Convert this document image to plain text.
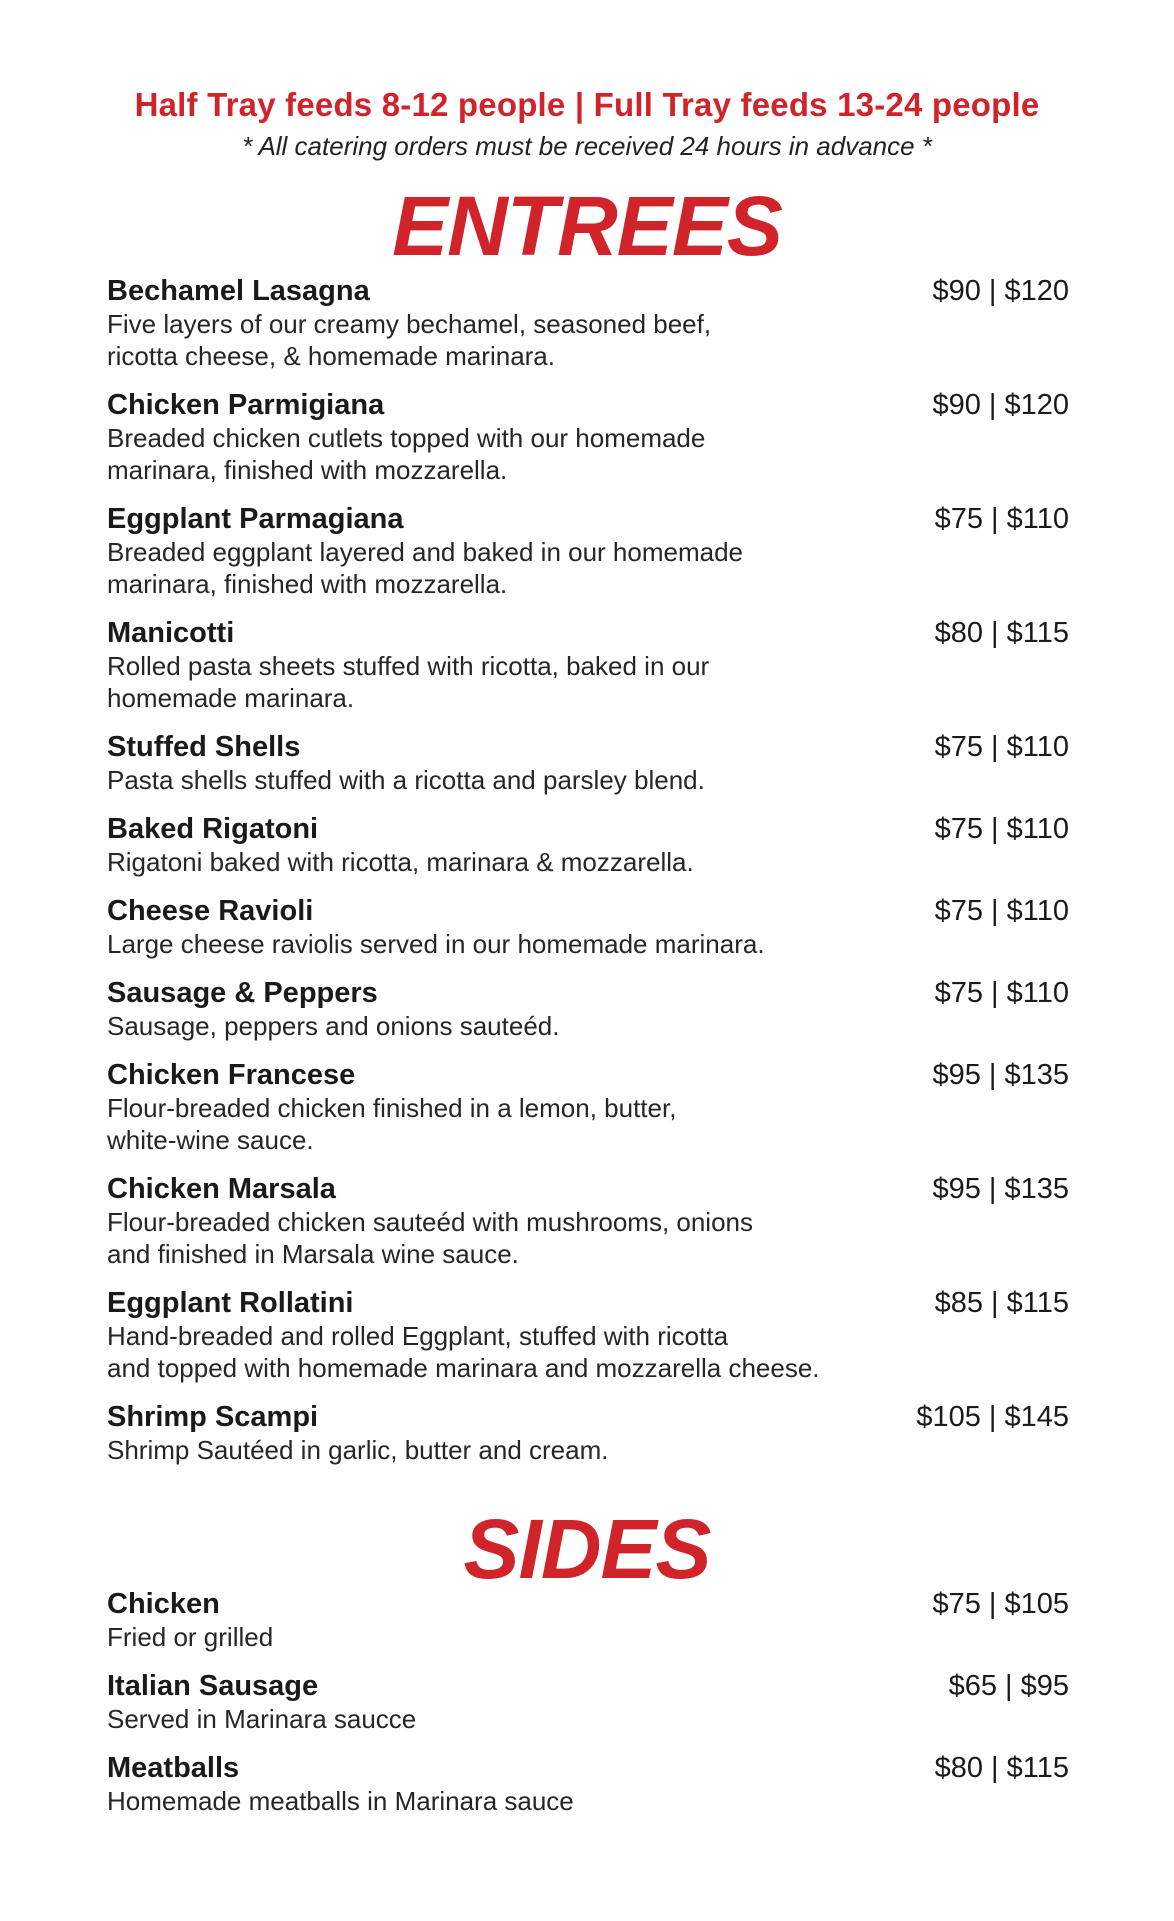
Half Tray feeds 8-12 people | Full Tray feeds 13-24 people
* All catering orders must be received 24 hours in advance *
ENTREES
Bechamel Lasagna
Five layers of our creamy bechamel, seasoned beef,
ricotta cheese, & homemade marinara.
$90 | $120
Chicken Parmigiana
Breaded chicken cutlets topped with our homemade
marinara, finished with mozzarella.
$90 | $120
Eggplant Parmagiana
Breaded eggplant layered and baked in our homemade
marinara, finished with mozzarella.
$75 | $110
Manicotti
Rolled pasta sheets stuffed with ricotta, baked in our
homemade marinara.
$80 | $115
Stuffed Shells
Pasta shells stuffed with a ricotta and parsley blend.
$75 | $110
Baked Rigatoni
Rigatoni baked with ricotta, marinara & mozzarella.
$75 | $110
Cheese Ravioli
Large cheese raviolis served in our homemade marinara.
$75 | $110
Sausage & Peppers
Sausage, peppers and onions sauteéd.
$75 | $110
Chicken Francese
Flour-breaded chicken finished in a lemon, butter,
white-wine sauce.
$95 | $135
Chicken Marsala
Flour-breaded chicken sauteéd with mushrooms, onions
and finished in Marsala wine sauce.
$95 | $135
Eggplant Rollatini
Hand-breaded and rolled Eggplant, stuffed with ricotta
and topped with homemade marinara and mozzarella cheese.
$85 | $115
Shrimp Scampi
Shrimp Sautéed in garlic, butter and cream.
$105 | $145
SIDES
Chicken
Fried or grilled
$75 | $105
Italian Sausage
Served in Marinara saucce
$65 | $95
Meatballs
Homemade meatballs in Marinara sauce
$80 | $115
